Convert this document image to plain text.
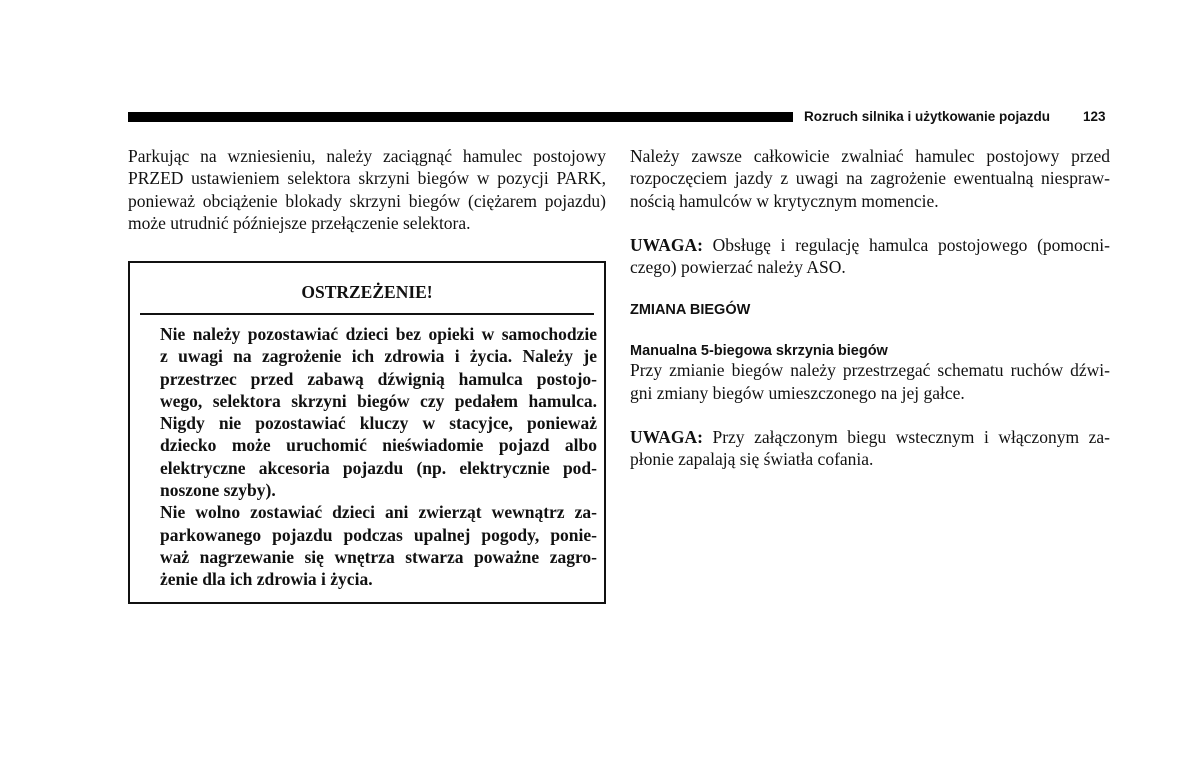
Rozruch silnika i użytkowanie pojazdu 123

Parkując na wzniesieniu, należy zaciągnąć hamulec postojowy
PRZED ustawieniem selektora skrzyni biegów w pozycji PARK,
ponieważ obciążenie blokady skrzyni biegów (ciężarem pojazdu)
może utrudnić późniejsze przełączenie selektora.

OSTRZEŻENIE!
Nie należy pozostawiać dzieci bez opieki w samochodzie
z uwagi na zagrożenie ich zdrowia i życia. Należy je
przestrzec przed zabawą dźwignią hamulca postojo-
wego, selektora skrzyni biegów czy pedałem hamulca.
Nigdy nie pozostawiać kluczy w stacyjce, ponieważ
dziecko może uruchomić nieświadomie pojazd albo
elektryczne akcesoria pojazdu (np. elektrycznie pod-
noszone szyby).
Nie wolno zostawiać dzieci ani zwierząt wewnątrz za-
parkowanego pojazdu podczas upalnej pogody, ponie-
waż nagrzewanie się wnętrza stwarza poważne zagro-
żenie dla ich zdrowia i życia.

Należy zawsze całkowicie zwalniać hamulec postojowy przed
rozpoczęciem jazdy z uwagi na zagrożenie ewentualną niespraw-
nością hamulców w krytycznym momencie.

UWAGA: Obsługę i regulację hamulca postojowego (pomocni-
czego) powierzać należy ASO.

ZMIANA BIEGÓW

Manualna 5-biegowa skrzynia biegów

Przy zmianie biegów należy przestrzegać schematu ruchów dźwi-
gni zmiany biegów umieszczonego na jej gałce.

UWAGA: Przy załączonym biegu wstecznym i włączonym za-
płonie zapalają się światła cofania.
